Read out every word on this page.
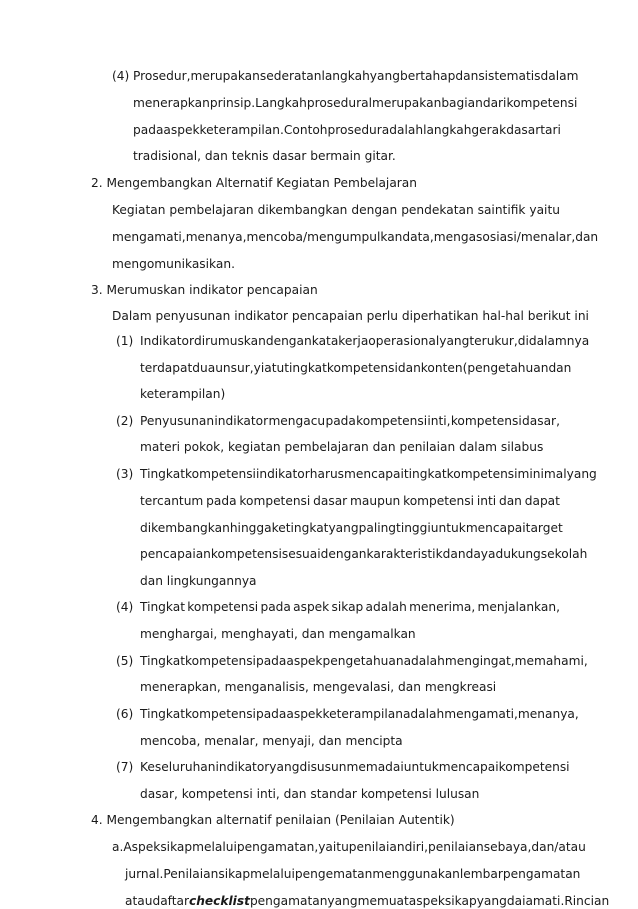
(4) Prosedur, merupakan sederatan langkah yang bertahap dan sistematis dalam
menerapkan prinsip. Langkah prosedural merupakan bagian dari kompetensi
pada aspek keterampilan. Contoh prosedur adalah langkah gerak dasar tari
tradisional, dan teknis dasar bermain gitar.
2. Mengembangkan Alternatif Kegiatan Pembelajaran
Kegiatan pembelajaran dikembangkan dengan pendekatan saintifik yaitu
mengamati, menanya, mencoba/mengumpulkan data, mengasosiasi/menalar, dan
mengomunikasikan.
3. Merumuskan indikator pencapaian
Dalam penyusunan indikator pencapaian perlu diperhatikan hal-hal berikut ini
(1) Indikator dirumuskan dengan kata kerja operasional yang terukur, didalamnya
terdapat dua unsur, yiatu tingkat kompetensi dan konten (pengetahuandan
keterampilan)
(2) Penyusunan indikator mengacu pada kompetensi inti, kompetensi dasar,
materi pokok, kegiatan pembelajaran dan penilaian dalam silabus
(3) Tingkat kompetensi indikator harus mencapai tingkat kompetensi minimal yang
tercantum pada kompetensi dasar maupun kompetensi inti dan dapat
dikembangkan hingga ke tingkat yang paling tinggi untuk mencapai target
pencapaian kompetensi sesuai dengan karakteristik dan daya dukung sekolah
dan lingkungannya
(4) Tingkat kompetensi pada aspek sikap adalah menerima, menjalankan,
menghargai, menghayati, dan mengamalkan
(5) Tingkat kompetensi pada aspek pengetahuan adalah mengingat, memahami,
menerapkan, menganalisis, mengevalasi, dan mengkreasi
(6) Tingkat kompetensi pada aspek keterampilan adalah mengamati, menanya,
mencoba, menalar, menyaji, dan mencipta
(7) Keseluruhan indikator yang disusun memadai untuk mencapai kompetensi
dasar, kompetensi inti, dan standar kompetensi lulusan
4. Mengembangkan alternatif penilaian (Penilaian Autentik)
a. Aspek sikap melalui pengamatan, yaitu penilaian diri, penilaian sebaya, dan/atau
jurnal. Penilaian sikap melalui pengematan menggunakan lembar pengamatan
atau daftar checklistpengamatan yang memuat aspek sikap yang daiamati. Rincian
